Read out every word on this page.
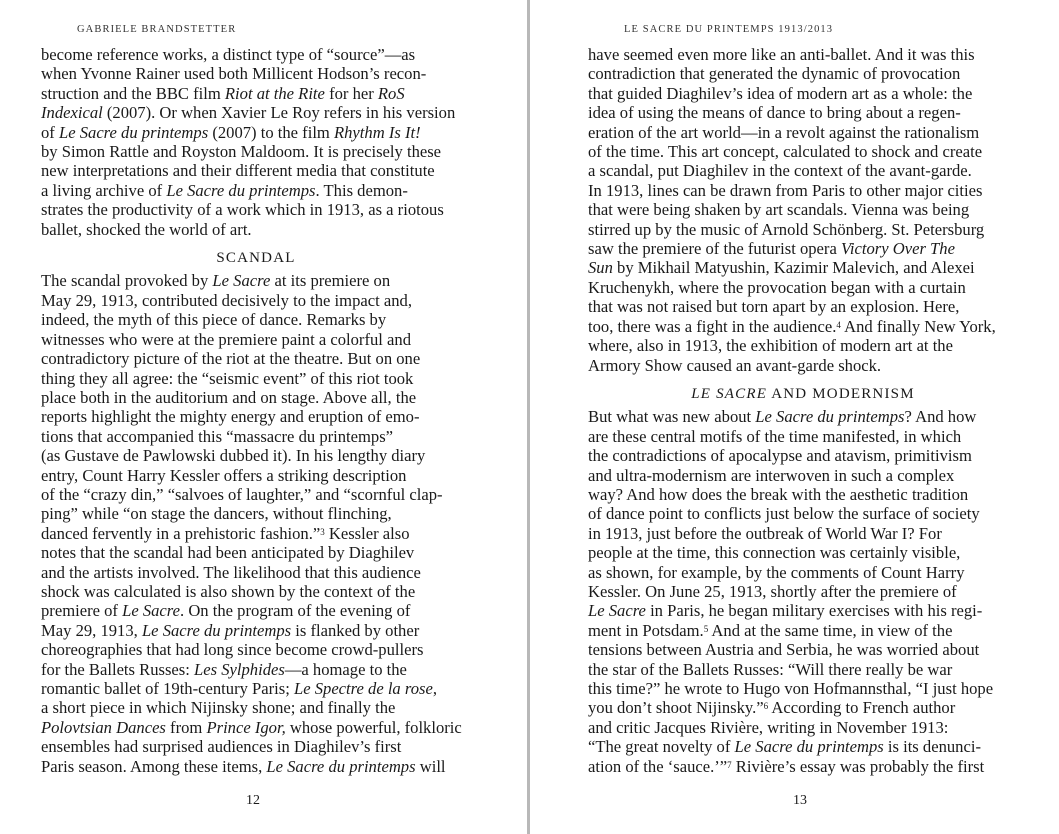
GABRIELE BRANDSTETTER
become reference works, a distinct type of “source”—as
when Yvonne Rainer used both Millicent Hodson’s recon-
struction and the BBC film Riot at the Rite for her RoS
Indexical (2007). Or when Xavier Le Roy refers in his version
of Le Sacre du printemps (2007) to the film Rhythm Is It!
by Simon Rattle and Royston Maldoom. It is precisely these
new interpretations and their different media that constitute
a living archive of Le Sacre du printemps. This demon-
strates the productivity of a work which in 1913, as a riotous
ballet, shocked the world of art.
SCANDAL
The scandal provoked by Le Sacre at its premiere on
May 29, 1913, contributed decisively to the impact and,
indeed, the myth of this piece of dance. Remarks by
witnesses who were at the premiere paint a colorful and
contradictory picture of the riot at the theatre. But on one
thing they all agree: the “seismic event” of this riot took
place both in the auditorium and on stage. Above all, the
reports highlight the mighty energy and eruption of emo-
tions that accompanied this “massacre du printemps”
(as Gustave de Pawlowski dubbed it). In his lengthy diary
entry, Count Harry Kessler offers a striking description
of the “crazy din,” “salvoes of laughter,” and “scornful clap-
ping” while “on stage the dancers, without flinching,
danced fervently in a prehistoric fashion.”$^3$ Kessler also
notes that the scandal had been anticipated by Diaghilev
and the artists involved. The likelihood that this audience
shock was calculated is also shown by the context of the
premiere of Le Sacre. On the program of the evening of
May 29, 1913, Le Sacre du printemps is flanked by other
choreographies that had long since become crowd-pullers
for the Ballets Russes: Les Sylphides—a homage to the
romantic ballet of 19th-century Paris; Le Spectre de la rose,
a short piece in which Nijinsky shone; and finally the
Polovtsian Dances from Prince Igor, whose powerful, folkloric
ensembles had surprised audiences in Diaghilev’s first
Paris season. Among these items, Le Sacre du printemps will
12
LE SACRE DU PRINTEMPS 1913/2013
have seemed even more like an anti-ballet. And it was this
contradiction that generated the dynamic of provocation
that guided Diaghilev’s idea of modern art as a whole: the
idea of using the means of dance to bring about a regen-
eration of the art world—in a revolt against the rationalism
of the time. This art concept, calculated to shock and create
a scandal, put Diaghilev in the context of the avant-garde.
In 1913, lines can be drawn from Paris to other major cities
that were being shaken by art scandals. Vienna was being
stirred up by the music of Arnold Schönberg. St. Petersburg
saw the premiere of the futurist opera Victory Over The
Sun by Mikhail Matyushin, Kazimir Malevich, and Alexei
Kruchenykh, where the provocation began with a curtain
that was not raised but torn apart by an explosion. Here,
too, there was a fight in the audience.$^4$ And finally New York,
where, also in 1913, the exhibition of modern art at the
Armory Show caused an avant-garde shock.
LE SACRE AND MODERNISM
But what was new about Le Sacre du printemps? And how
are these central motifs of the time manifested, in which
the contradictions of apocalypse and atavism, primitivism
and ultra-modernism are interwoven in such a complex
way? And how does the break with the aesthetic tradition
of dance point to conflicts just below the surface of society
in 1913, just before the outbreak of World War I? For
people at the time, this connection was certainly visible,
as shown, for example, by the comments of Count Harry
Kessler. On June 25, 1913, shortly after the premiere of
Le Sacre in Paris, he began military exercises with his regi-
ment in Potsdam.$^5$ And at the same time, in view of the
tensions between Austria and Serbia, he was worried about
the star of the Ballets Russes: “Will there really be war
this time?” he wrote to Hugo von Hofmannsthal, “I just hope
you don’t shoot Nijinsky.”$^6$ According to French author
and critic Jacques Rivière, writing in November 1913:
“The great novelty of Le Sacre du printemps is its denunci-
ation of the ‘sauce.’”$^7$ Rivière’s essay was probably the first
13
